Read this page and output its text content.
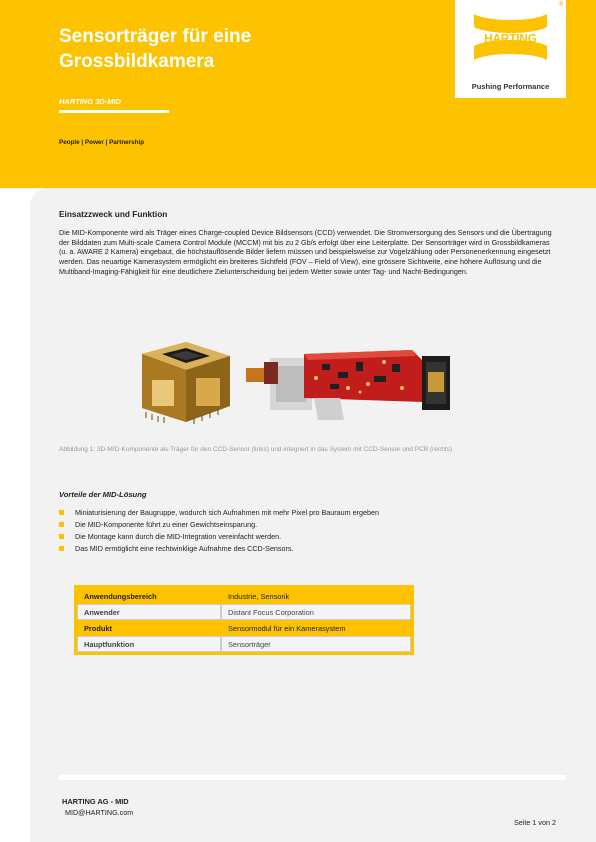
Sensorträger für eine
Grossbildkamera
HARTING 3D-MID
People | Power | Partnership
HARTING
®
Pushing Performance
Einsatzzweck und Funktion

Die MID-Komponente wird als Träger eines Charge-coupled Device Bildsensors (CCD) verwendet. Die Stromversorgung des Sensors und die Übertragung der Bilddaten zum Multi-scale Camera Control Module (MCCM) mit bis zu 2 Gb/s erfolgt über eine Leiterplatte. Der Sensorträger wird in Grossbildkameras (u. a. AWARE 2 Kamera) eingebaut, die höchstauflösende Bilder liefern müssen und beispielsweise zur Vogelzählung oder Personenerkennung eingesetzt werden. Das neuartige Kamerasystem ermöglicht ein breiteres Sichtfeld (FOV – Field of View), eine grössere Sichtweite, eine höhere Auflösung und die Multiband-Imaging-Fähigkeit für eine deutlichere Zielunterscheidung bei jedem Wetter sowie unter Tag- und Nacht-Bedingungen.

Abbildung 1: 3D-MID-Komponente als Träger für den CCD-Sensor (links) und integriert in das System mit CCD-Sensor und PCB (rechts)
Vorteile der MID-Lösung
Miniaturisierung der Baugruppe, wodurch sich Aufnahmen mit mehr Pixel pro Bauraum ergeben
Die MID-Komponente führt zu einer Gewichtseinsparung.
Die Montage kann durch die MID-Integration vereinfacht werden.
Das MID ermöglicht eine rechtwinklige Aufnahme des CCD-Sensors.
Anwendungsbereich	Industrie, Sensorik
Anwender	Distant Focus Corporation
Produkt	Sensormodul für ein Kamerasystem
Hauptfunktion	Sensorträger
HARTING AG - MID
MID@HARTING.com
Seite 1 von 2
